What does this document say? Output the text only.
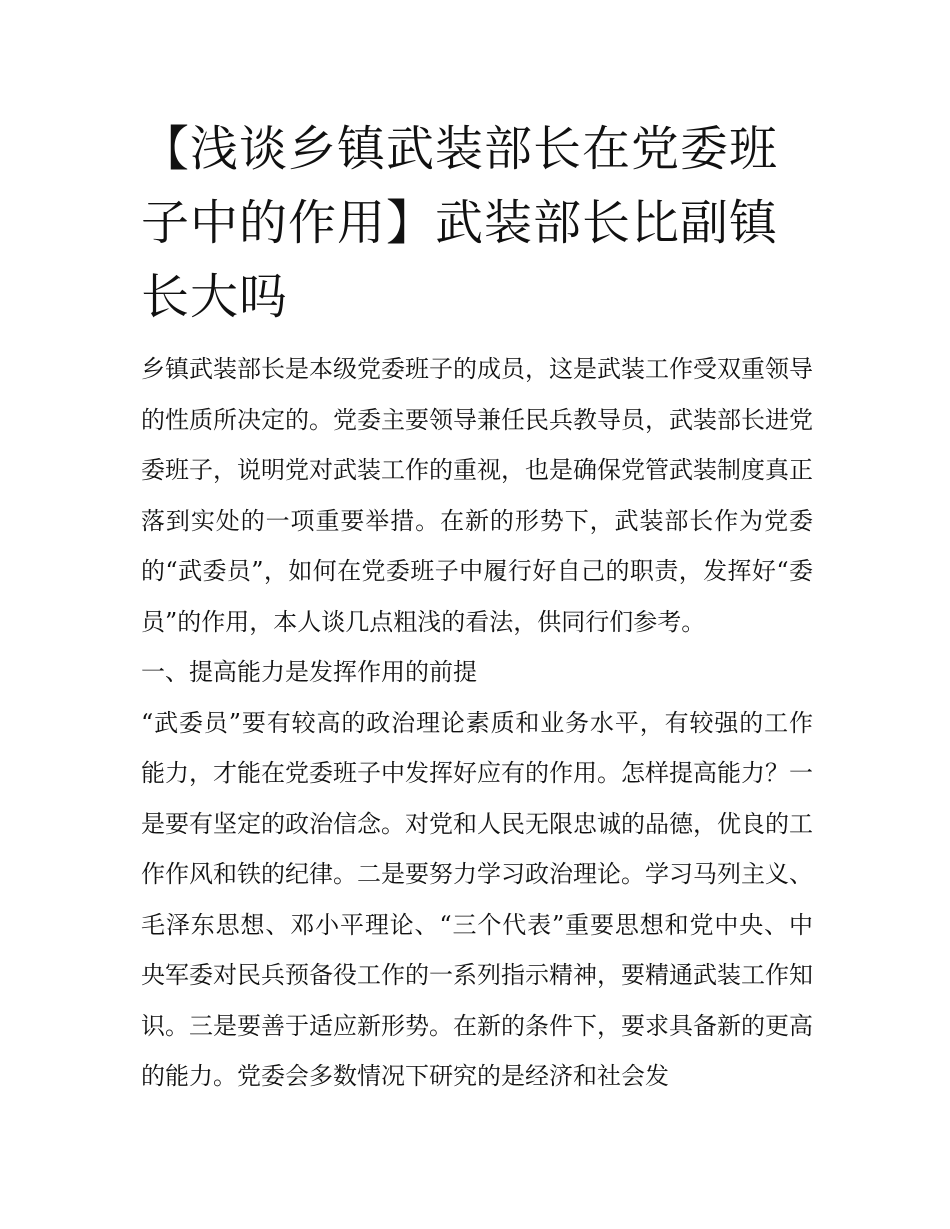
【浅谈乡镇武装部长在党委班子中的作用】武装部长比副镇长大吗

乡镇武装部长是本级党委班子的成员，这是武装工作受双重领导的性质所决定的。党委主要领导兼任民兵教导员，武装部长进党委班子，说明党对武装工作的重视，也是确保党管武装制度真正落到实处的一项重要举措。在新的形势下，武装部长作为党委的“武委员”，如何在党委班子中履行好自己的职责，发挥好“委员”的作用，本人谈几点粗浅的看法，供同行们参考。

一、提高能力是发挥作用的前提

“武委员”要有较高的政治理论素质和业务水平，有较强的工作能力，才能在党委班子中发挥好应有的作用。怎样提高能力？一是要有坚定的政治信念。对党和人民无限忠诚的品德，优良的工作作风和铁的纪律。二是要努力学习政治理论。学习马列主义、毛泽东思想、邓小平理论、“三个代表”重要思想和党中央、中央军委对民兵预备役工作的一系列指示精神，要精通武装工作知识。三是要善于适应新形势。在新的条件下，要求具备新的更高的能力。党委会多数情况下研究的是经济和社会发
